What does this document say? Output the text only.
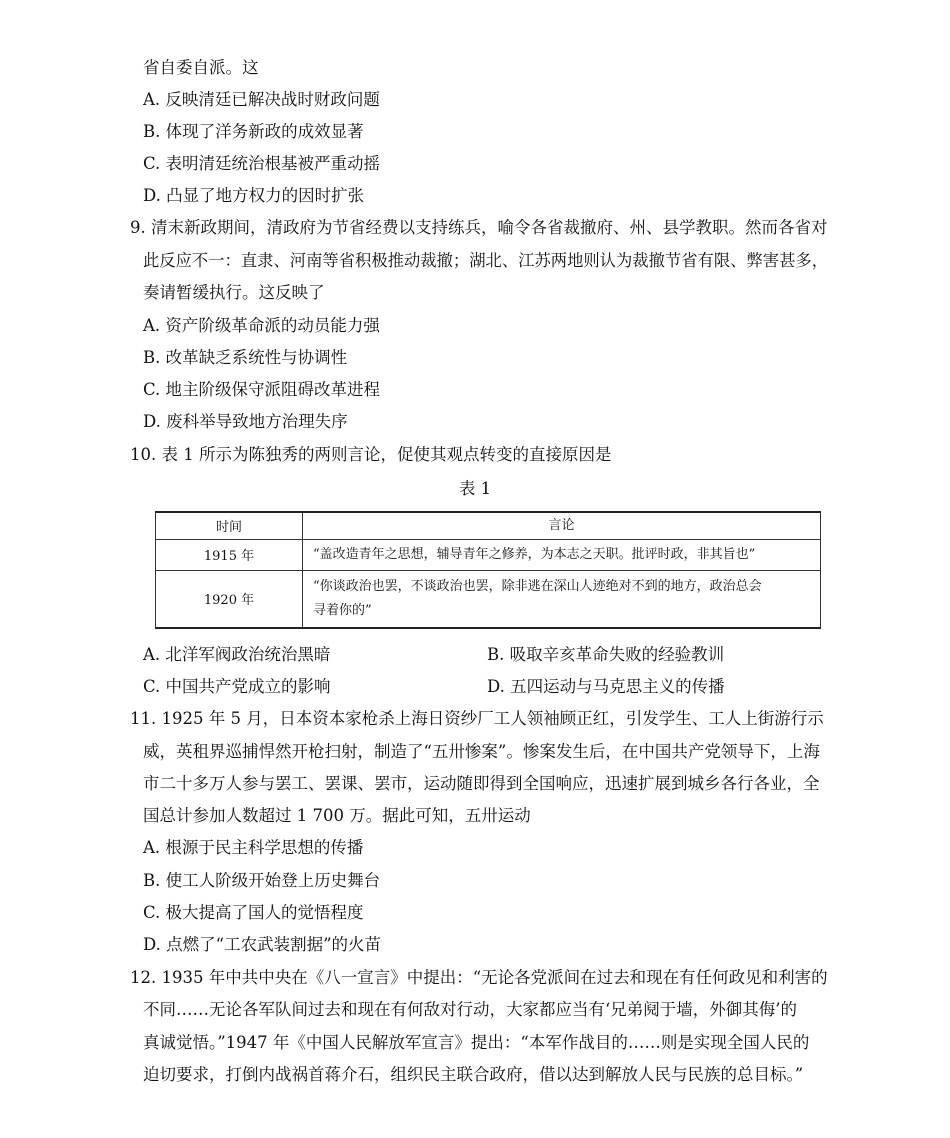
省自委自派。这
A. 反映清廷已解决战时财政问题
B. 体现了洋务新政的成效显著
C. 表明清廷统治根基被严重动摇
D. 凸显了地方权力的因时扩张
9. 清末新政期间，清政府为节省经费以支持练兵，喻令各省裁撤府、州、县学教职。然而各省对
此反应不一：直隶、河南等省积极推动裁撤；湖北、江苏两地则认为裁撤节省有限、弊害甚多，
奏请暂缓执行。这反映了
A. 资产阶级革命派的动员能力强
B. 改革缺乏系统性与协调性
C. 地主阶级保守派阻碍改革进程
D. 废科举导致地方治理失序
10. 表 1 所示为陈独秀的两则言论，促使其观点转变的直接原因是
表 1
时间	言论
1915 年	“盖改造青年之思想，辅导青年之修养，为本志之天职。批评时政，非其旨也”
1920 年	“你谈政治也罢，不谈政治也罢，除非逃在深山人迹绝对不到的地方，政治总会
寻着你的”
A. 北洋军阀政治统治黑暗	B. 吸取辛亥革命失败的经验教训
C. 中国共产党成立的影响	D. 五四运动与马克思主义的传播
11. 1925 年 5 月，日本资本家枪杀上海日资纱厂工人领袖顾正红，引发学生、工人上街游行示
威，英租界巡捕悍然开枪扫射，制造了“五卅惨案”。惨案发生后，在中国共产党领导下，上海
市二十多万人参与罢工、罢课、罢市，运动随即得到全国响应，迅速扩展到城乡各行各业，全
国总计参加人数超过 1 700 万。据此可知，五卅运动
A. 根源于民主科学思想的传播
B. 使工人阶级开始登上历史舞台
C. 极大提高了国人的觉悟程度
D. 点燃了“工农武装割据”的火苗
12. 1935 年中共中央在《八一宣言》中提出：“无论各党派间在过去和现在有任何政见和利害的
不同……无论各军队间过去和现在有何敌对行动，大家都应当有‘兄弟阋于墙，外御其侮’的
真诚觉悟。”1947 年《中国人民解放军宣言》提出：“本军作战目的……则是实现全国人民的
迫切要求，打倒内战祸首蒋介石，组织民主联合政府，借以达到解放人民与民族的总目标。”
